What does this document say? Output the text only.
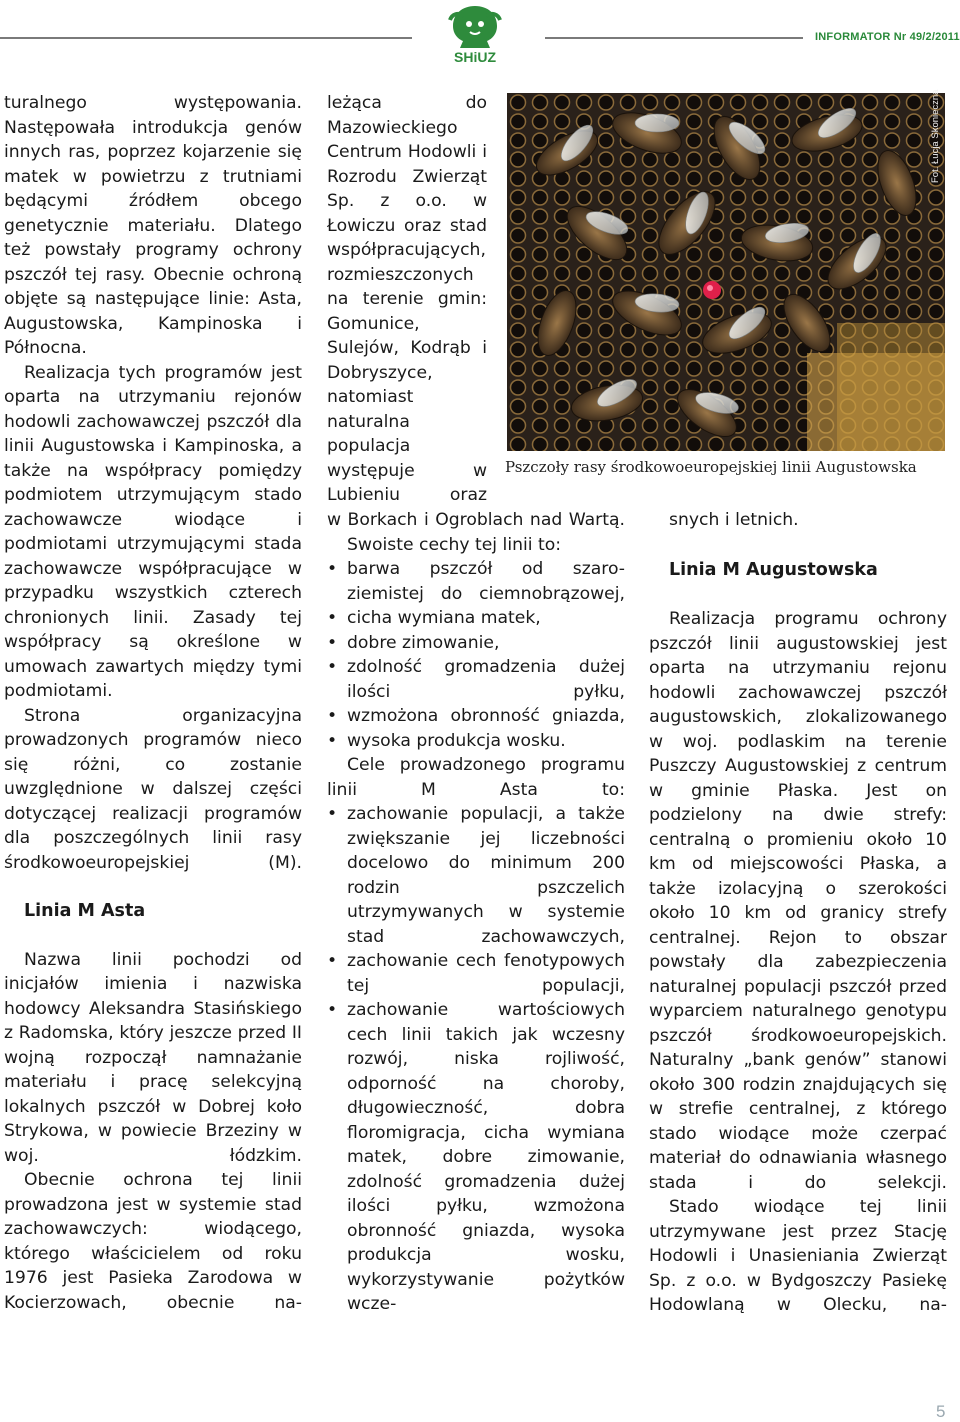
SHiUZ
INFORMATOR Nr 49/2/2011

turalnego występowania. Następowała introdukcja genów innych ras, poprzez kojarzenie się matek w powietrzu z trutniami będącymi źródłem obcego genetycznie materiału. Dlatego też powstały programy ochrony pszczół tej rasy. Obecnie ochroną objęte są następujące linie: Asta, Augustowska, Kampinoska i Północna.

Realizacja tych programów jest oparta na utrzymaniu rejonów hodowli zachowawczej pszczół dla linii Augustowska i Kampinoska, a także na współpracy pomiędzy podmiotem utrzymującym stado zachowawcze wiodące i podmiotami utrzymującymi stada zachowawcze współpracujące w przypadku wszystkich czterech chronionych linii. Zasady tej współpracy są określone w umowach zawartych między tymi podmiotami.

Strona organizacyjna prowadzonych programów nieco się różni, co zostanie uwzględnione w dalszej części dotyczącej realizacji programów dla poszczególnych linii rasy środkowoeuropejskiej (M).

Linia M Asta

Nazwa linii pochodzi od inicjałów imienia i nazwiska hodowcy Aleksandra Stasińskiego z Radomska, który jeszcze przed II wojną rozpoczął namnażanie materiału i pracę selekcyjną lokalnych pszczół w Dobrej koło Strykowa, w powiecie Brzeziny w woj. łódzkim.

Obecnie ochrona tej linii prowadzona jest w systemie stad zachowawczych: wiodącego, którego właścicielem od roku 1976 jest Pasieka Zarodowa w Kocierzowach, obecnie na-

leżąca do Mazowieckiego Centrum Hodowli i Rozrodu Zwierząt Sp. z o.o. w Łowiczu oraz stad współpracujących, rozmieszczonych na terenie gmin: Gomunice, Sulejów, Kodrąb i Dobryszyce, natomiast naturalna populacja występuje w Lubieniu oraz

Fot. Łucja Skonieczna
Pszczoły rasy środkowoeuropejskiej linii Augustowska

w Borkach i Ogroblach nad Wartą.

Swoiste cechy tej linii to:

• barwa pszczół od szaro-ziemistej do ciemnobrązowej,
• cicha wymiana matek,
• dobre zimowanie,
• zdolność gromadzenia dużej ilości pyłku,
• wzmożona obronność gniazda,
• wysoka produkcja wosku.

Cele prowadzonego programu linii M Asta to:

• zachowanie populacji, a także zwiększanie jej liczebności docelowo do minimum 200 rodzin pszczelich utrzymywanych w systemie stad zachowawczych,
• zachowanie cech fenotypowych tej populacji,
• zachowanie wartościowych cech linii takich jak wczesny rozwój, niska rojliwość, odporność na choroby, długowieczność, dobra floromigracja, cicha wymiana matek, dobre zimowanie, zdolność gromadzenia dużej ilości pyłku, wzmożona obronność gniazda, wysoka produkcja wosku, wykorzystywanie pożytków wcze-

snych i letnich.

Linia M Augustowska

Realizacja programu ochrony pszczół linii augustowskiej jest oparta na utrzymaniu rejonu hodowli zachowawczej pszczół augustowskich, zlokalizowanego w woj. podlaskim na terenie Puszczy Augustowskiej z centrum w gminie Płaska. Jest on podzielony na dwie strefy: centralną o promieniu około 10 km od miejscowości Płaska, a także izolacyjną o szerokości około 10 km od granicy strefy centralnej. Rejon to obszar powstały dla zabezpieczenia naturalnej populacji pszczół przed wyparciem naturalnego genotypu pszczół środkowoeuropejskich. Naturalny „bank genów” stanowi około 300 rodzin znajdujących się w strefie centralnej, z którego stado wiodące może czerpać materiał do odnawiania własnego stada i do selekcji.

Stado wiodące tej linii utrzymywane jest przez Stację Hodowli i Unasieniania Zwierząt Sp. z o.o. w Bydgoszczy Pasiekę Hodowlaną w Olecku, na-

5
